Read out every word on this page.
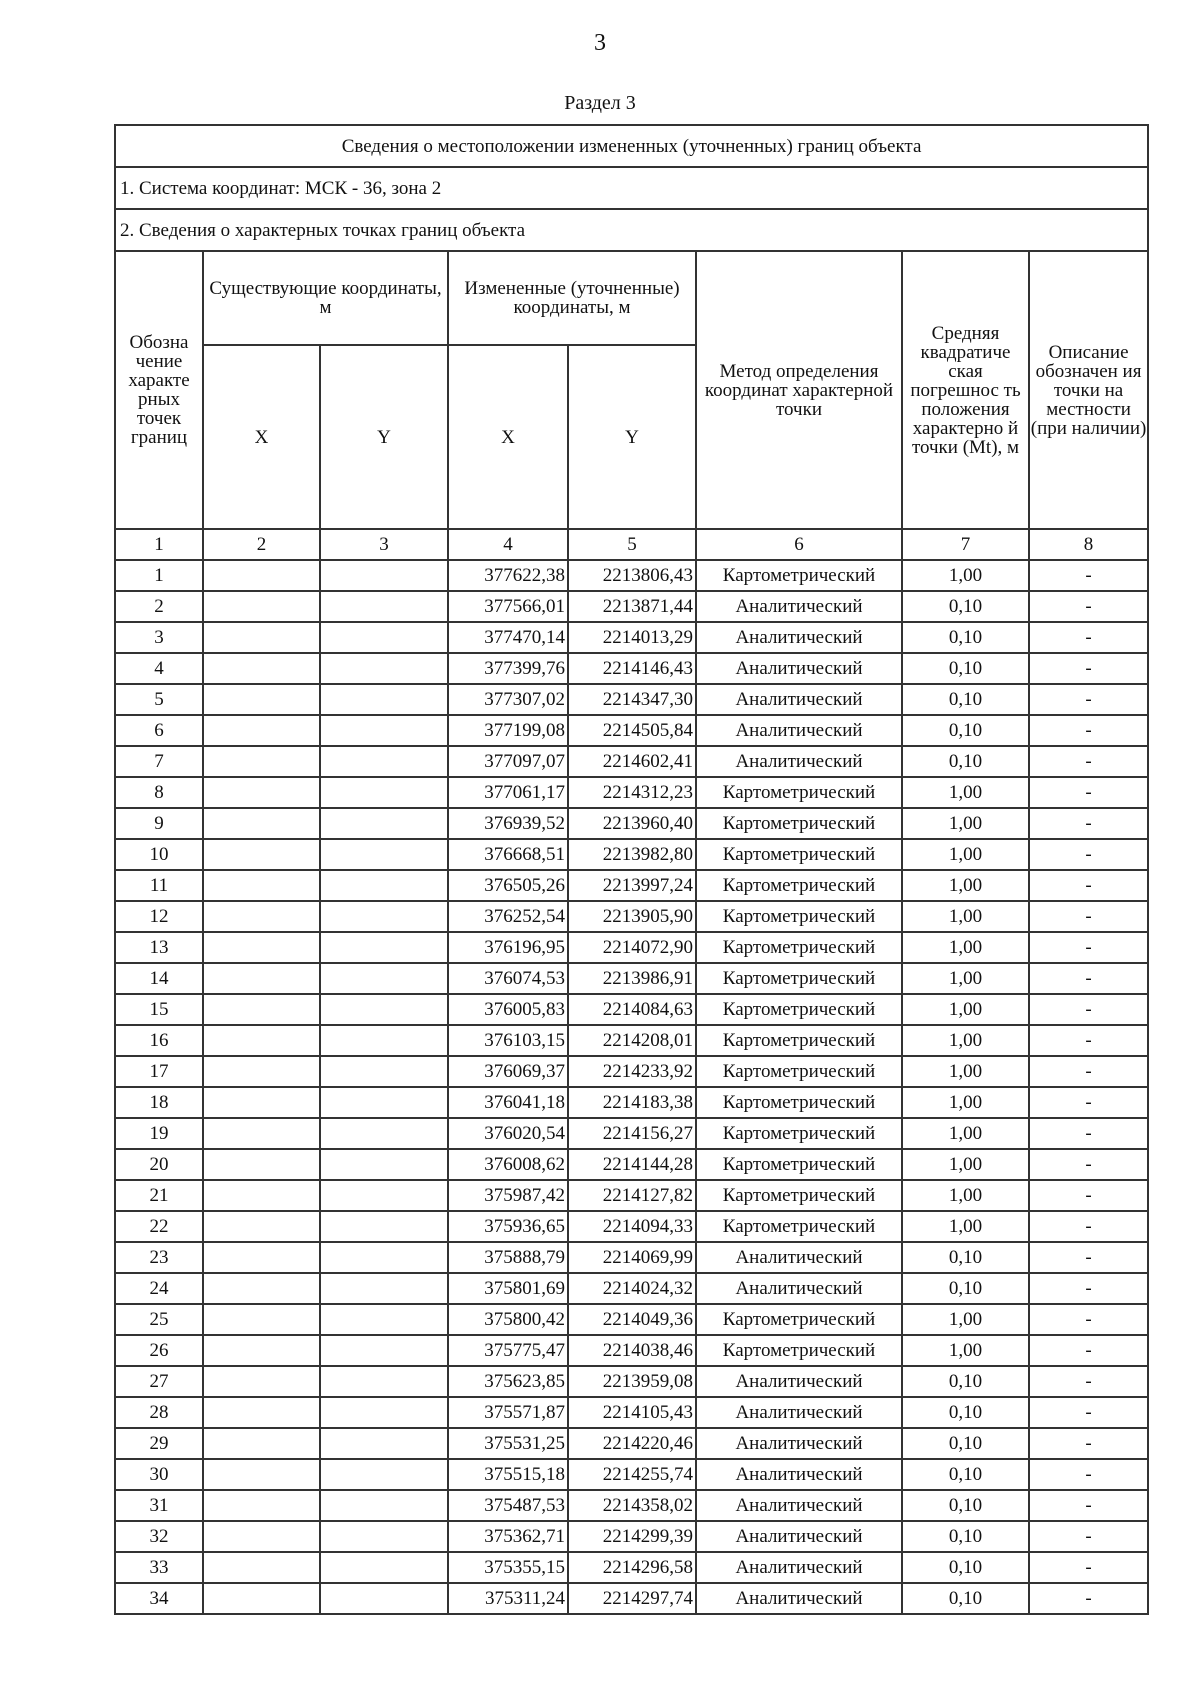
3
Раздел 3
Сведения о местоположении измененных (уточненных) границ объекта							
1. Система координат: МСК - 36, зона 2							
2. Сведения о характерных точках границ объекта							
Обозна чение характе рных точек границ	Существующие координаты, м		Измененные (уточненные) координаты, м		Метод определения координат характерной точки	Средняя квадратиче ская погрешнос ть положения характерно й точки (Mt), м	Описание обозначен ия точки на местности (при наличии)
	X	Y	X	Y			
1	2	3	4	5	6	7	8
1			377622,38	2213806,43	Картометрический	1,00	-
2			377566,01	2213871,44	Аналитический	0,10	-
3			377470,14	2214013,29	Аналитический	0,10	-
4			377399,76	2214146,43	Аналитический	0,10	-
5			377307,02	2214347,30	Аналитический	0,10	-
6			377199,08	2214505,84	Аналитический	0,10	-
7			377097,07	2214602,41	Аналитический	0,10	-
8			377061,17	2214312,23	Картометрический	1,00	-
9			376939,52	2213960,40	Картометрический	1,00	-
10			376668,51	2213982,80	Картометрический	1,00	-
11			376505,26	2213997,24	Картометрический	1,00	-
12			376252,54	2213905,90	Картометрический	1,00	-
13			376196,95	2214072,90	Картометрический	1,00	-
14			376074,53	2213986,91	Картометрический	1,00	-
15			376005,83	2214084,63	Картометрический	1,00	-
16			376103,15	2214208,01	Картометрический	1,00	-
17			376069,37	2214233,92	Картометрический	1,00	-
18			376041,18	2214183,38	Картометрический	1,00	-
19			376020,54	2214156,27	Картометрический	1,00	-
20			376008,62	2214144,28	Картометрический	1,00	-
21			375987,42	2214127,82	Картометрический	1,00	-
22			375936,65	2214094,33	Картометрический	1,00	-
23			375888,79	2214069,99	Аналитический	0,10	-
24			375801,69	2214024,32	Аналитический	0,10	-
25			375800,42	2214049,36	Картометрический	1,00	-
26			375775,47	2214038,46	Картометрический	1,00	-
27			375623,85	2213959,08	Аналитический	0,10	-
28			375571,87	2214105,43	Аналитический	0,10	-
29			375531,25	2214220,46	Аналитический	0,10	-
30			375515,18	2214255,74	Аналитический	0,10	-
31			375487,53	2214358,02	Аналитический	0,10	-
32			375362,71	2214299,39	Аналитический	0,10	-
33			375355,15	2214296,58	Аналитический	0,10	-
34			375311,24	2214297,74	Аналитический	0,10	-
